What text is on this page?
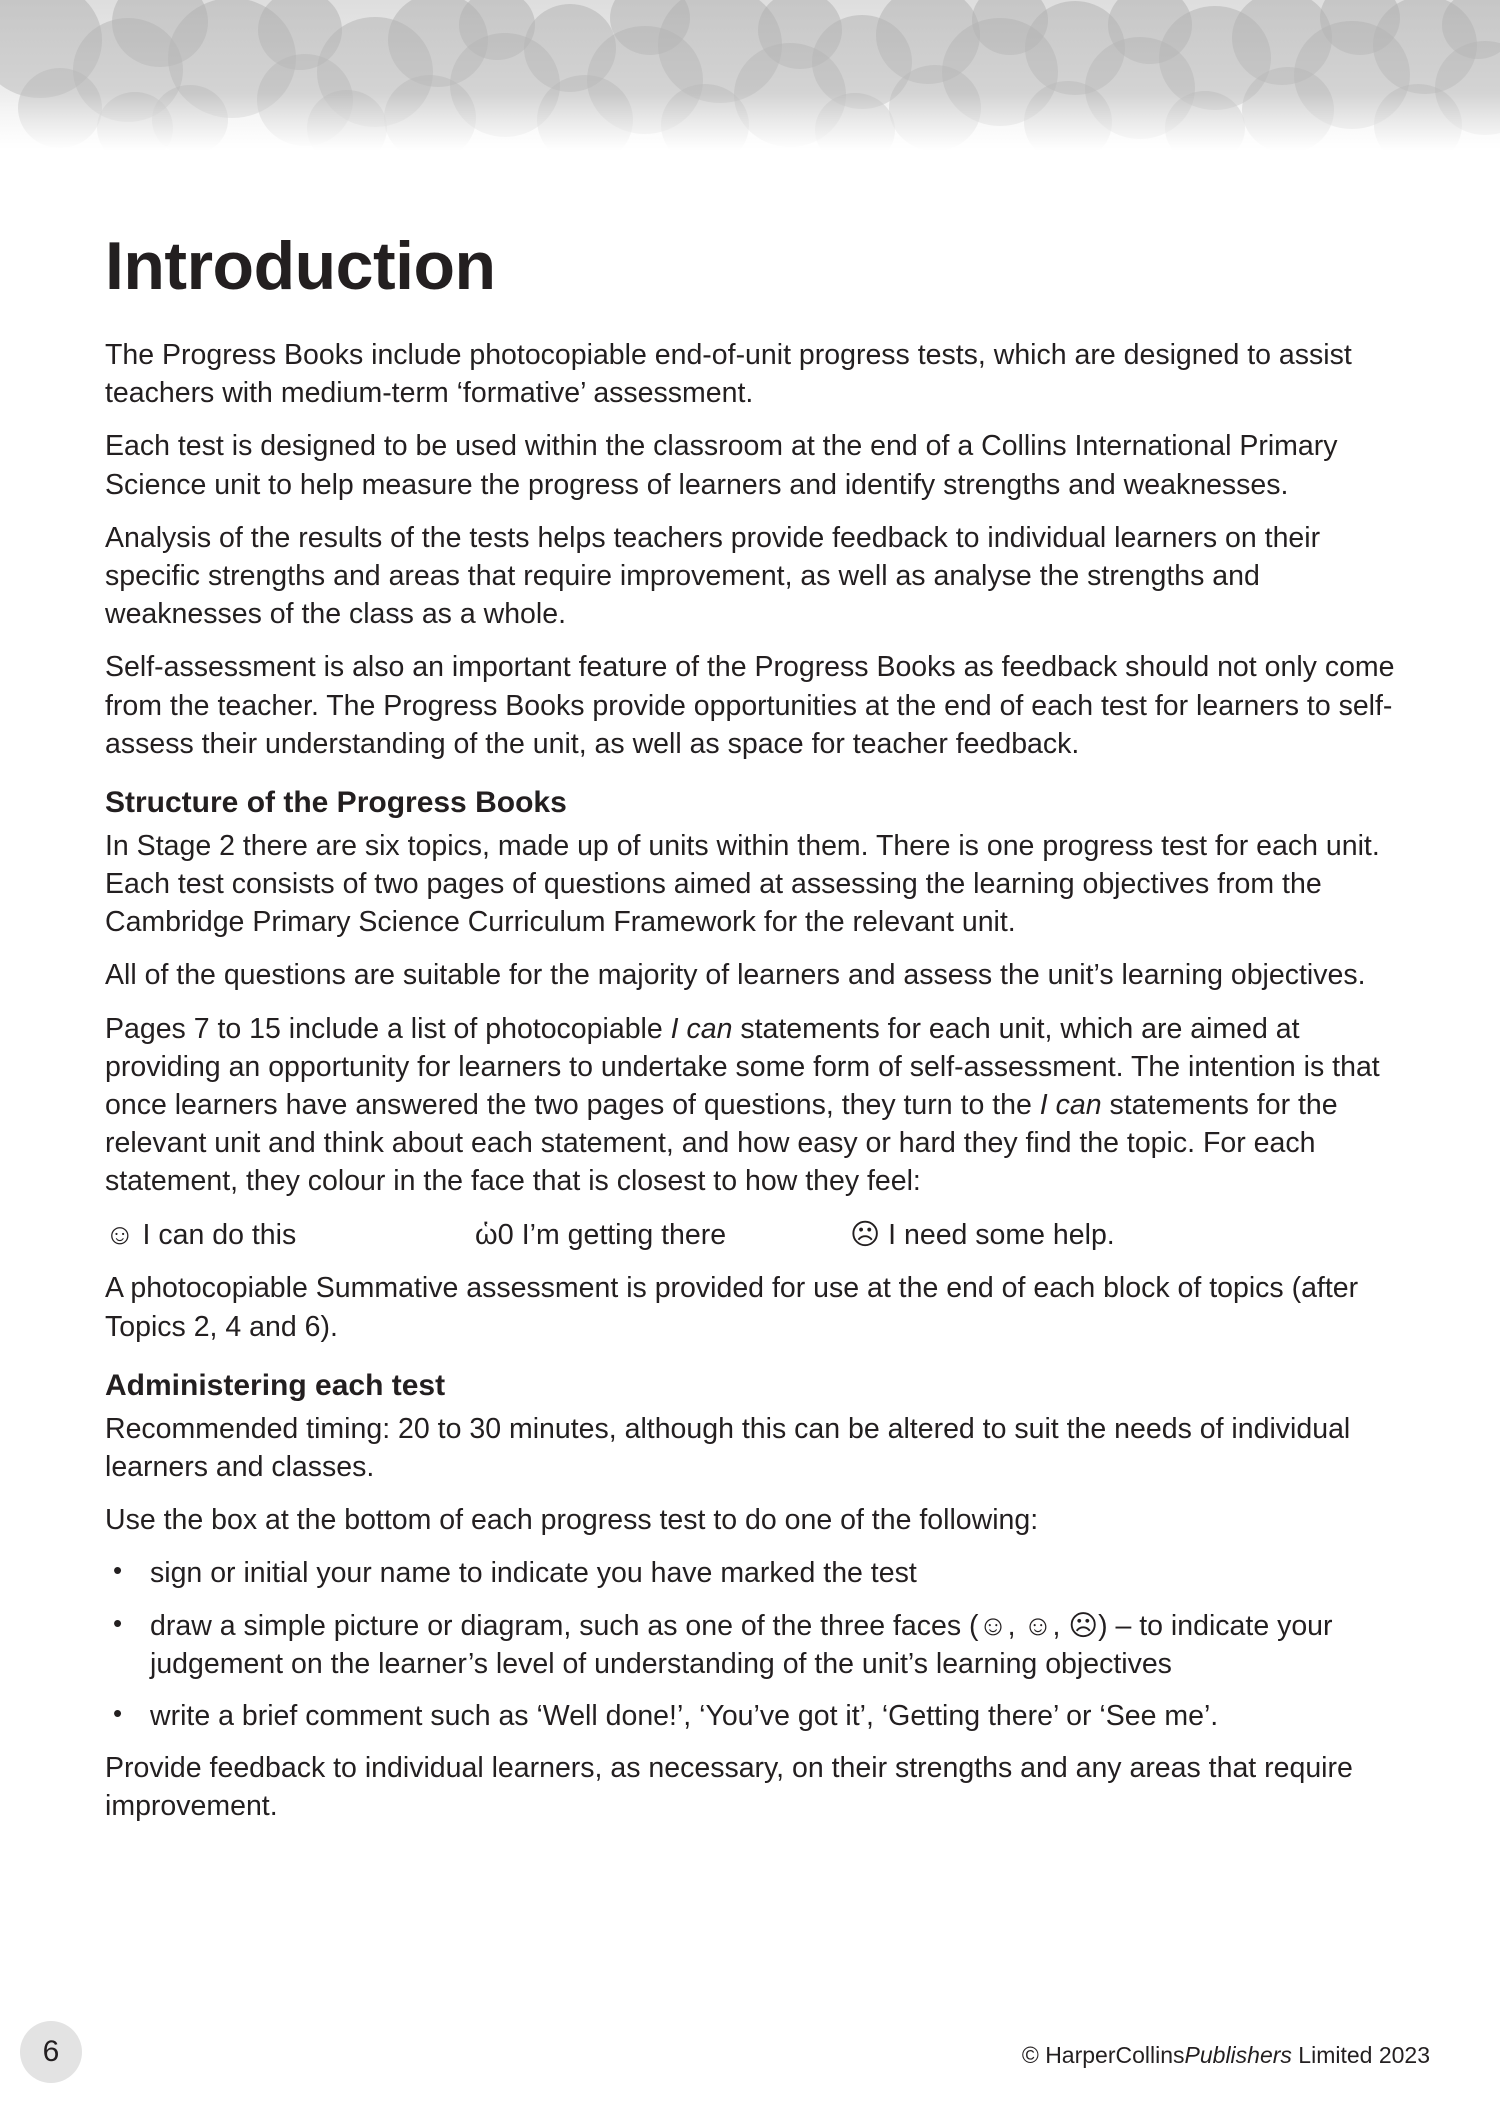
Introduction

The Progress Books include photocopiable end-of-unit progress tests, which are designed to assist teachers with medium-term ‘formative’ assessment.

Each test is designed to be used within the classroom at the end of a Collins International Primary Science unit to help measure the progress of learners and identify strengths and weaknesses.

Analysis of the results of the tests helps teachers provide feedback to individual learners on their specific strengths and areas that require improvement, as well as analyse the strengths and weaknesses of the class as a whole.

Self-assessment is also an important feature of the Progress Books as feedback should not only come from the teacher. The Progress Books provide opportunities at the end of each test for learners to self-assess their understanding of the unit, as well as space for teacher feedback.

Structure of the Progress Books

In Stage 2 there are six topics, made up of units within them. There is one progress test for each unit. Each test consists of two pages of questions aimed at assessing the learning objectives from the Cambridge Primary Science Curriculum Framework for the relevant unit.

All of the questions are suitable for the majority of learners and assess the unit’s learning objectives.

Pages 7 to 15 include a list of photocopiable I can statements for each unit, which are aimed at providing an opportunity for learners to undertake some form of self-assessment. The intention is that once learners have answered the two pages of questions, they turn to the I can statements for the relevant unit and think about each statement, and how easy or hard they find the topic. For each statement, they colour in the face that is closest to how they feel:

☺ I can do this	ὡ0 I’m getting there	☹ I need some help.

A photocopiable Summative assessment is provided for use at the end of each block of topics (after Topics 2, 4 and 6).

Administering each test

Recommended timing: 20 to 30 minutes, although this can be altered to suit the needs of individual learners and classes.

Use the box at the bottom of each progress test to do one of the following:

• sign or initial your name to indicate you have marked the test
• draw a simple picture or diagram, such as one of the three faces (☺, ☺, ☹) – to indicate your judgement on the learner’s level of understanding of the unit’s learning objectives
• write a brief comment such as ‘Well done!’, ‘You’ve got it’, ‘Getting there’ or ‘See me’.

Provide feedback to individual learners, as necessary, on their strengths and any areas that require improvement.

6	© HarperCollinsPublishers Limited 2023
